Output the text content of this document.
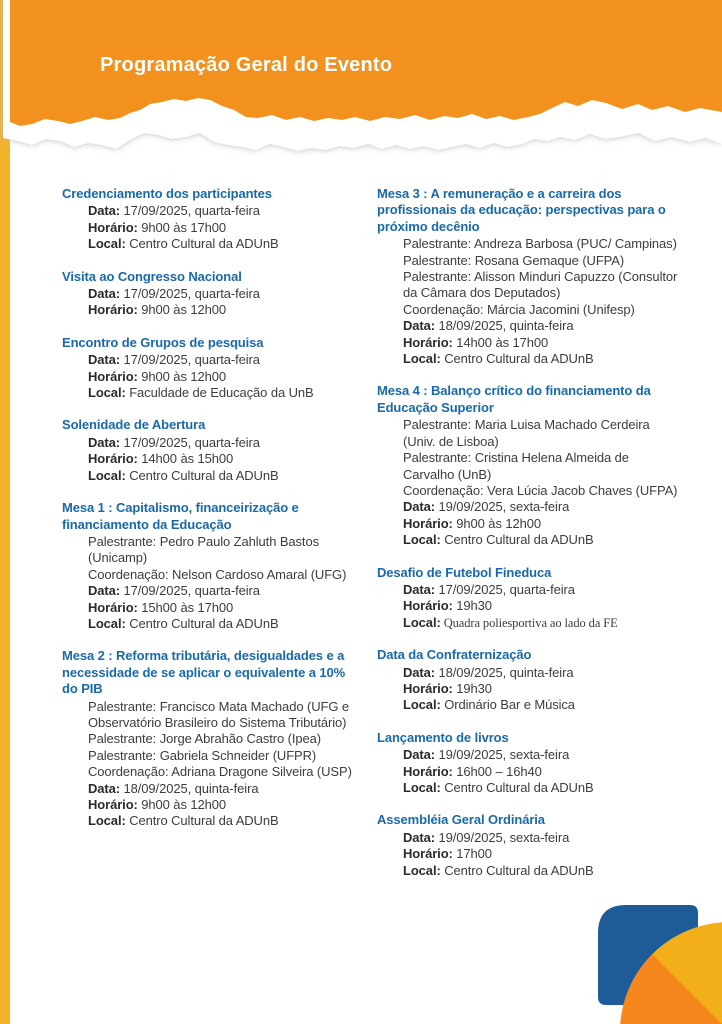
Programação Geral do Evento
Credenciamento dos participantes
Data: 17/09/2025, quarta-feira
Horário: 9h00 às 17h00
Local: Centro Cultural da ADUnB
Visita ao Congresso Nacional
Data: 17/09/2025, quarta-feira
Horário: 9h00 às 12h00
Encontro de Grupos de pesquisa
Data: 17/09/2025, quarta-feira
Horário: 9h00 às 12h00
Local: Faculdade de Educação da UnB
Solenidade de Abertura
Data: 17/09/2025, quarta-feira
Horário: 14h00 às 15h00
Local: Centro Cultural da ADUnB
Mesa 1 : Capitalismo, financeirização e financiamento da Educação
Palestrante: Pedro Paulo Zahluth Bastos (Unicamp)
Coordenação: Nelson Cardoso Amaral (UFG)
Data: 17/09/2025, quarta-feira
Horário: 15h00 às 17h00
Local: Centro Cultural da ADUnB
Mesa 2 : Reforma tributária, desigualdades e a necessidade de se aplicar o equivalente a 10% do PIB
Palestrante: Francisco Mata Machado (UFG e Observatório Brasileiro do Sistema Tributário)
Palestrante: Jorge Abrahão Castro (Ipea)
Palestrante: Gabriela Schneider (UFPR)
Coordenação: Adriana Dragone Silveira (USP)
Data: 18/09/2025, quinta-feira
Horário: 9h00 às 12h00
Local: Centro Cultural da ADUnB
Mesa 3 : A remuneração e a carreira dos profissionais da educação: perspectivas para o próximo decênio
Palestrante: Andreza Barbosa (PUC/ Campinas)
Palestrante: Rosana Gemaque (UFPA)
Palestrante: Alisson Minduri Capuzzo (Consultor da Câmara dos Deputados)
Coordenação: Márcia Jacomini (Unifesp)
Data: 18/09/2025, quinta-feira
Horário: 14h00 às 17h00
Local: Centro Cultural da ADUnB
Mesa 4 : Balanço crítico do financiamento da Educação Superior
Palestrante: Maria Luisa Machado Cerdeira (Univ. de Lisboa)
Palestrante: Cristina Helena Almeida de Carvalho (UnB)
Coordenação: Vera Lúcia Jacob Chaves (UFPA)
Data: 19/09/2025, sexta-feira
Horário: 9h00 às 12h00
Local: Centro Cultural da ADUnB
Desafio de Futebol Fineduca
Data: 17/09/2025, quarta-feira
Horário: 19h30
Local: Quadra poliesportiva ao lado da FE
Data da Confraternização
Data: 18/09/2025, quinta-feira
Horário: 19h30
Local: Ordinário Bar e Música
Lançamento de livros
Data: 19/09/2025, sexta-feira
Horário: 16h00 – 16h40
Local: Centro Cultural da ADUnB
Assembléia Geral Ordinária
Data: 19/09/2025, sexta-feira
Horário: 17h00
Local: Centro Cultural da ADUnB
